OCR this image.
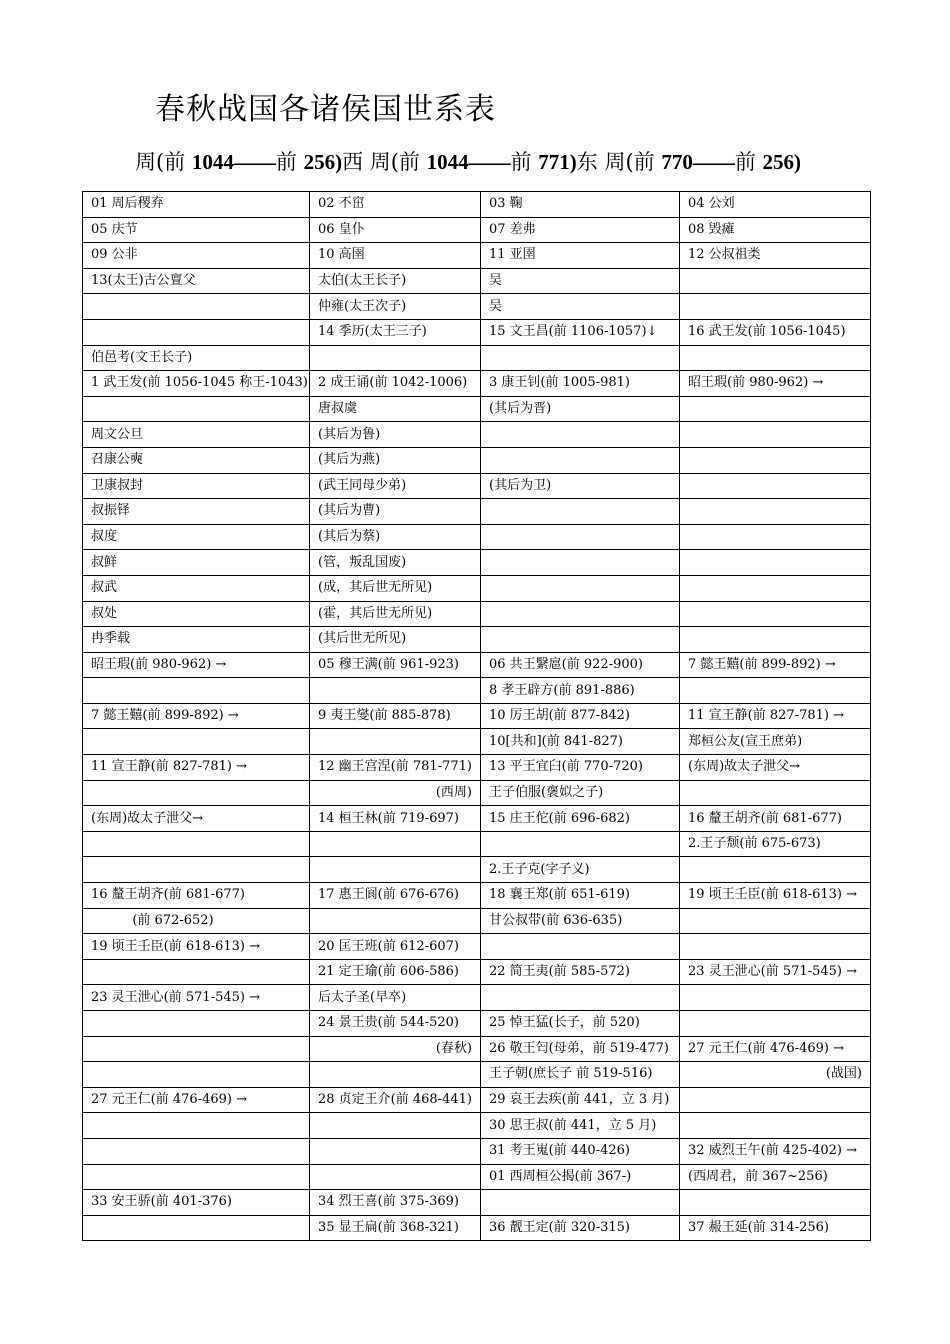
春秋战国各诸侯国世系表
周(前 1044——前 256)西 周(前 1044——前 771)东 周(前 770——前 256)
01 周后稷弃	02 不窋	03 鞠	04 公刘
05 庆节	06 皇仆	07 差弗	08 毁瘫
09 公非	10 高圉	11 亚圉	12 公叔祖类
13(太王)古公亶父	太伯(太王长子)	吴	
	仲雍(太王次子)	吴	
	14 季历(太王三子)	15 文王昌(前 1106-1057)↓	16 武王发(前 1056-1045)
伯邑考(文王长子)			
1 武王发(前 1056-1045 称王-1043)	2 成王诵(前 1042-1006)	3 康王钊(前 1005-981)	昭王瑕(前 980-962) →
	唐叔虞	(其后为晋)	
周文公旦	(其后为鲁)		
召康公奭	(其后为燕)		
卫康叔封	(武王同母少弟)	(其后为卫)	
叔振铎	(其后为曹)		
叔度	(其后为蔡)		
叔鲜	(管，叛乱国废)		
叔武	(成，其后世无所见)		
叔处	(霍，其后世无所见)		
冉季载	(其后世无所见)		
昭王瑕(前 980-962) →	05 穆王满(前 961-923)	06 共王繄扈(前 922-900)	7 懿王囏(前 899-892) →
		8 孝王辟方(前 891-886)	
7 懿王囏(前 899-892) →	9 夷王燮(前 885-878)	10 厉王胡(前 877-842)	11 宣王静(前 827-781) →
		10[共和](前 841-827)	郑桓公友(宣王庶弟)
11 宣王静(前 827-781) →	12 幽王宫涅(前 781-771)	13 平王宜臼(前 770-720)	(东周)故太子泄父→
	(西周)	王子伯服(褒姒之子)	
(东周)故太子泄父→	14 桓王林(前 719-697)	15 庄王佗(前 696-682)	16 釐王胡齐(前 681-677)
			2.王子颓(前 675-673)
		2.王子克(字子义)	
16 釐王胡齐(前 681-677)	17 惠王阆(前 676-676)	18 襄王郑(前 651-619)	19 顷王壬臣(前 618-613) →
(前 672-652)		甘公叔带(前 636-635)	
19 顷王壬臣(前 618-613) →	20 匡王班(前 612-607)		
	21 定王瑜(前 606-586)	22 简王夷(前 585-572)	23 灵王泄心(前 571-545) →
23 灵王泄心(前 571-545) →	后太子圣(早卒)		
	24 景王贵(前 544-520)	25 悼王猛(长子，前 520)	
	(春秋)	26 敬王匄(母弟，前 519-477)	27 元王仁(前 476-469) →
		王子朝(庶长子 前 519-516)	(战国)
27 元王仁(前 476-469) →	28 贞定王介(前 468-441)	29 哀王去疾(前 441，立 3 月)	
		30 思王叔(前 441，立 5 月)	
		31 考王嵬(前 440-426)	32 威烈王午(前 425-402) →
		01 西周桓公揭(前 367-)	(西周君，前 367~256)
33 安王骄(前 401-376)	34 烈王喜(前 375-369)		
	35 显王扁(前 368-321)	36 靓王定(前 320-315)	37 赧王延(前 314-256)
